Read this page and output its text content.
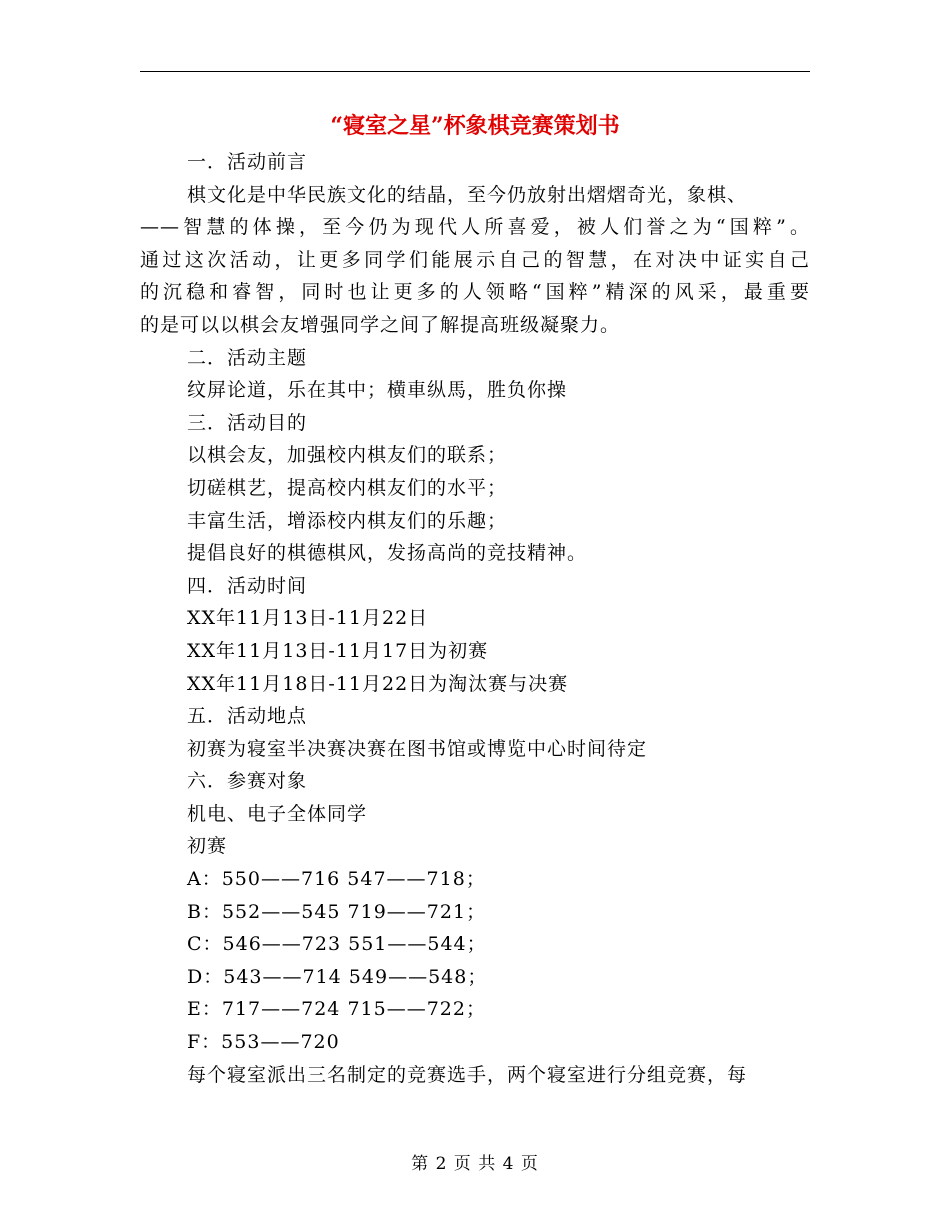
“寝室之星”杯象棋竞赛策划书
一．活动前言
棋文化是中华民族文化的结晶，至今仍放射出熠熠奇光，象棋、
——智慧的体操，至今仍为现代人所喜爱，被人们誉之为“国粹”。
通过这次活动，让更多同学们能展示自己的智慧，在对决中证实自己
的沉稳和睿智，同时也让更多的人领略“国粹”精深的风采，最重要
的是可以以棋会友增强同学之间了解提高班级凝聚力。
二．活动主题
纹屏论道，乐在其中；横車纵馬，胜负你操
三．活动目的
以棋会友，加强校内棋友们的联系；
切磋棋艺，提高校内棋友们的水平；
丰富生活，增添校内棋友们的乐趣；
提倡良好的棋德棋风，发扬高尚的竞技精神。
四．活动时间
XX年11月13日-11月22日
XX年11月13日-11月17日为初赛
XX年11月18日-11月22日为淘汰赛与决赛
五．活动地点
初赛为寝室半决赛决赛在图书馆或博览中心时间待定
六．参赛对象
机电、电子全体同学
初赛
A：550——716 547——718；
B：552——545 719——721；
C：546——723 551——544；
D：543——714 549——548；
E：717——724 715——722；
F：553——720
每个寝室派出三名制定的竞赛选手，两个寝室进行分组竞赛，每
第 2 页 共 4 页
